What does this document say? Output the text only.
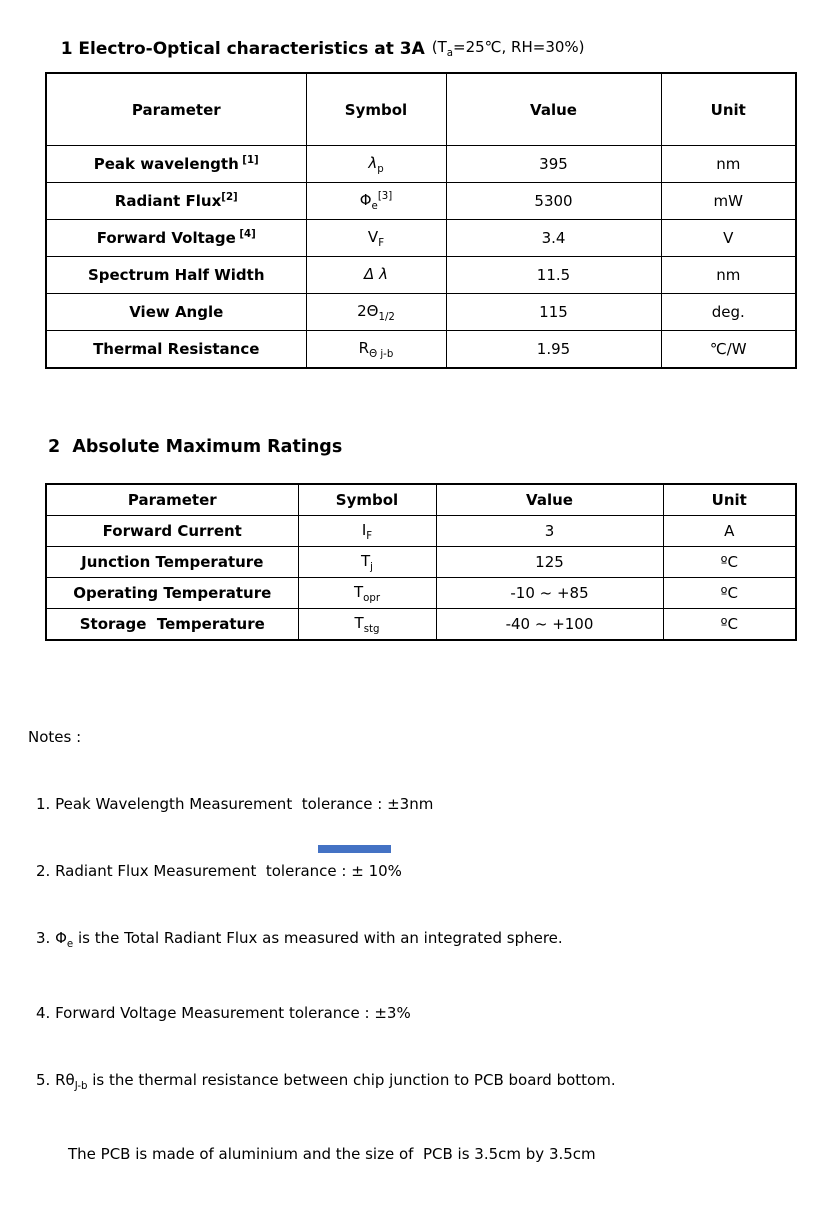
1 Electro-Optical characteristics at 3A ($T_a=25℃$, RH=30%)

Parameter	Symbol	Value	Unit
Peak wavelength [1]	$\lambda_p$	395	nm
Radiant Flux[2]	$\Phi_e[3]$	5300	mW
Forward Voltage [4]	$V_F$	3.4	V
Spectrum Half Width	Δ λ	11.5	nm
View Angle	$2\Theta_{1/2}$	115	deg.
Thermal Resistance	$R_{\Theta j-b}$	1.95	℃/W
2  Absolute Maximum Ratings
Parameter	Symbol	Value	Unit
Forward Current	$I_F$	3	A
Junction Temperature	$T_j$	125	ºC
Operating Temperature	$T_{opr}$	-10 ~ +85	ºC
Storage  Temperature	$T_{stg}$	-40 ~ +100	ºC

Notes :

1. Peak Wavelength Measurement  tolerance : ±3nm

2. Radiant Flux Measurement  tolerance : ± 10%

3. $\Phi_e$ is the Total Radiant Flux as measured with an integrated sphere.

4. Forward Voltage Measurement tolerance : ±3%

5. $R\theta_{J-b}$ is the thermal resistance between chip junction to PCB board bottom.

The PCB is made of aluminium and the size of  PCB is 3.5cm by 3.5cm
